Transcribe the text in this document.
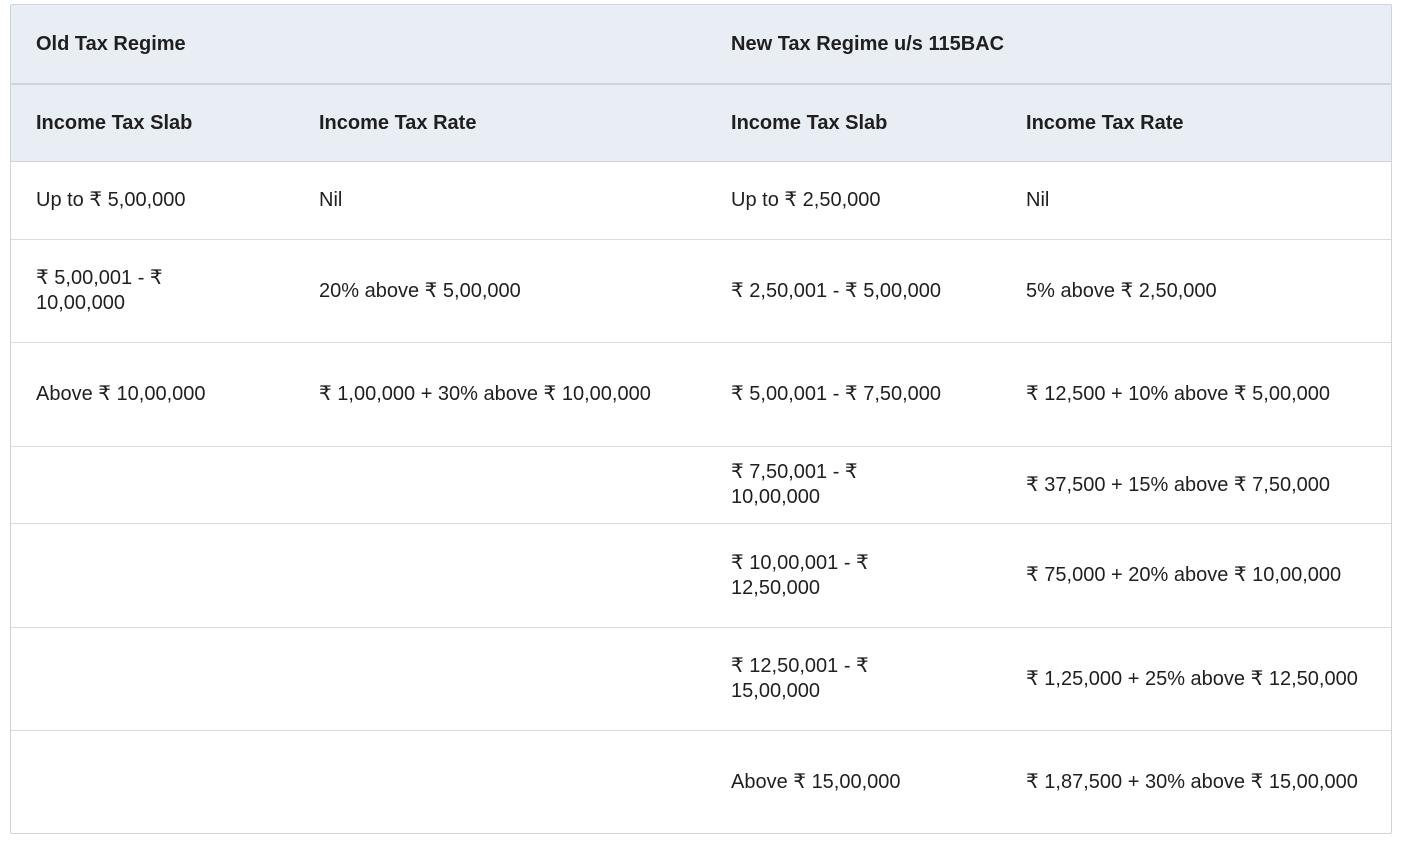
Old Tax Regime		New Tax Regime u/s 115BAC	
Income Tax Slab	Income Tax Rate	Income Tax Slab	Income Tax Rate
Up to ₹ 5,00,000	Nil	Up to ₹ 2,50,000	Nil
₹ 5,00,001 - ₹ 10,00,000	20% above ₹ 5,00,000	₹ 2,50,001 - ₹ 5,00,000	5% above ₹ 2,50,000
Above ₹ 10,00,000	₹ 1,00,000 + 30% above ₹ 10,00,000	₹ 5,00,001 - ₹ 7,50,000	₹ 12,500 + 10% above ₹ 5,00,000
		₹ 7,50,001 - ₹ 10,00,000	₹ 37,500 + 15% above ₹ 7,50,000
		₹ 10,00,001 - ₹ 12,50,000	₹ 75,000 + 20% above ₹ 10,00,000
		₹ 12,50,001 - ₹ 15,00,000	₹ 1,25,000 + 25% above ₹ 12,50,000
		Above ₹ 15,00,000	₹ 1,87,500 + 30% above ₹ 15,00,000
